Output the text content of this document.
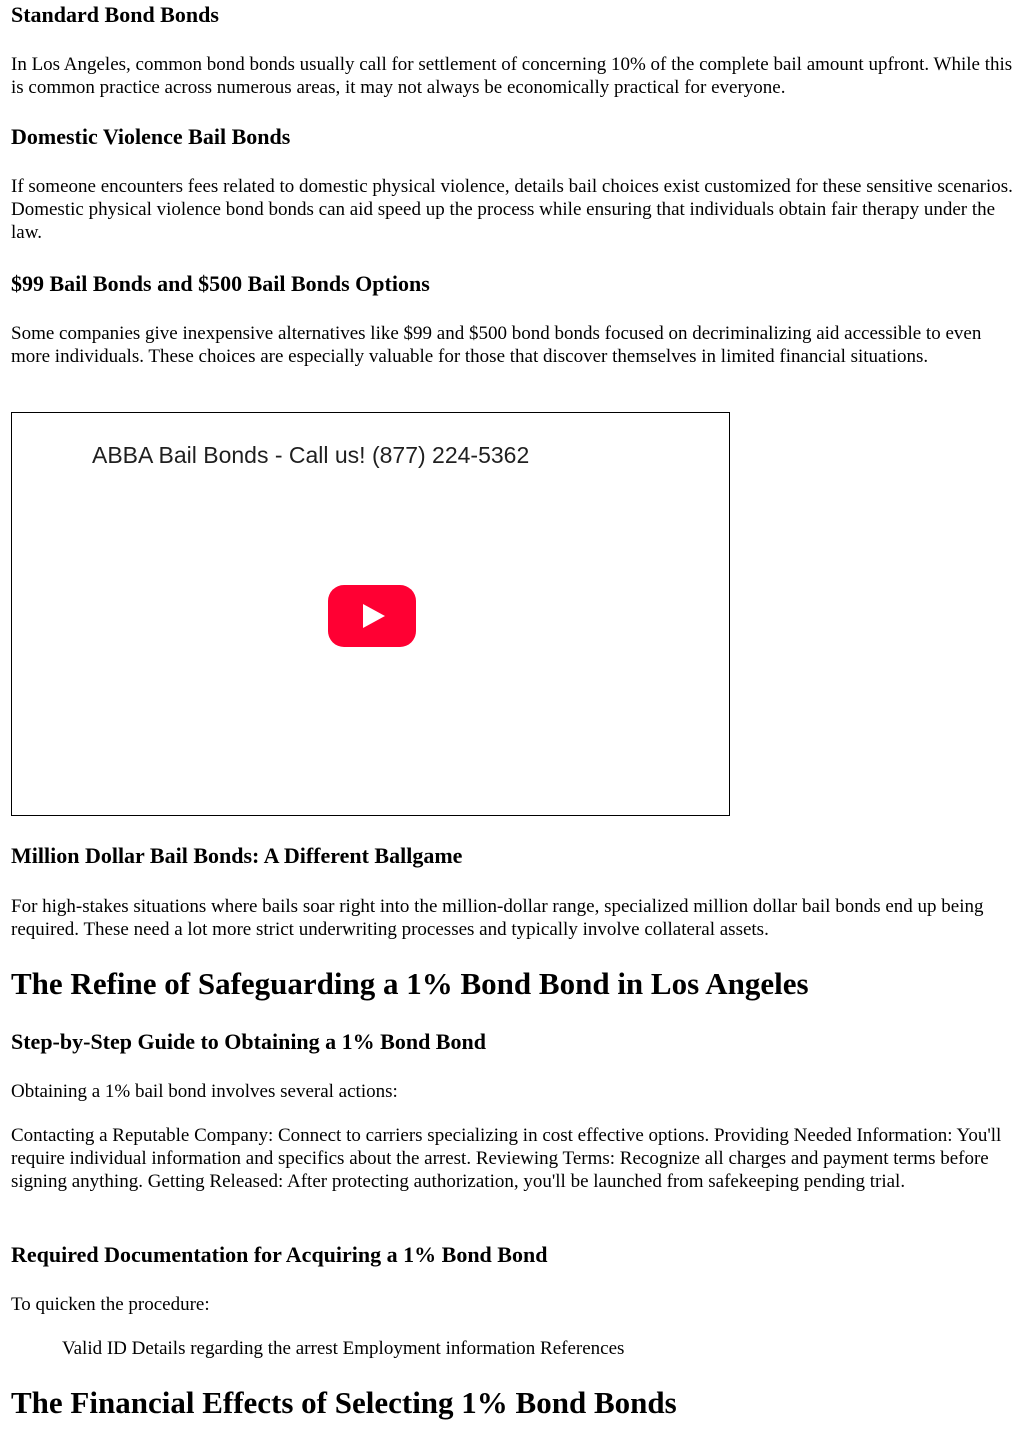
Standard Bond Bonds

In Los Angeles, common bond bonds usually call for settlement of concerning 10% of the complete bail amount upfront. While this is common practice across numerous areas, it may not always be economically practical for everyone.

Domestic Violence Bail Bonds

If someone encounters fees related to domestic physical violence, details bail choices exist customized for these sensitive scenarios. Domestic physical violence bond bonds can aid speed up the process while ensuring that individuals obtain fair therapy under the law.

$99 Bail Bonds and $500 Bail Bonds Options

Some companies give inexpensive alternatives like $99 and $500 bond bonds focused on decriminalizing aid accessible to even more individuals. These choices are especially valuable for those that discover themselves in limited financial situations.

ABBA Bail Bonds - Call us! (877) 224-5362
Million Dollar Bail Bonds: A Different Ballgame

For high-stakes situations where bails soar right into the million-dollar range, specialized million dollar bail bonds end up being required. These need a lot more strict underwriting processes and typically involve collateral assets.

The Refine of Safeguarding a 1% Bond Bond in Los Angeles
Step-by-Step Guide to Obtaining a 1% Bond Bond

Obtaining a 1% bail bond involves several actions:

Contacting a Reputable Company: Connect to carriers specializing in cost effective options. Providing Needed Information: You'll require individual information and specifics about the arrest. Reviewing Terms: Recognize all charges and payment terms before signing anything. Getting Released: After protecting authorization, you'll be launched from safekeeping pending trial.

Required Documentation for Acquiring a 1% Bond Bond

To quicken the procedure:

Valid ID Details regarding the arrest Employment information References

The Financial Effects of Selecting 1% Bond Bonds
